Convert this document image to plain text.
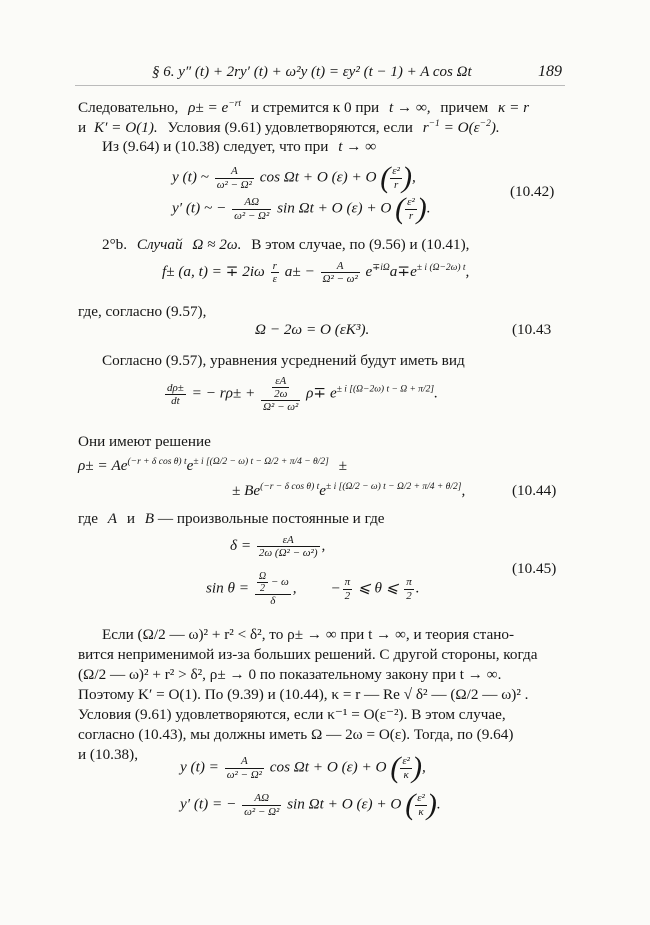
§ 6. y″ (t) + 2ry′ (t) + ω²y (t) = εy² (t − 1) + A cos Ωt	189
Следовательно, $\rho\pm = e^{-rt}$ и стремится к 0 при t → ∞, причем κ = r
и K′ = O(1). Условия (9.61) удовлетворяются, если $r^{-1} = O(\varepsilon^{-2})$.
Из (9.64) и (10.38) следует, что при t → ∞
y (t) ~ $\frac{A}{\text{ω² − Ω²}}$ cos Ωt + O (ε) + O ( $\frac{\text{ε²}}{r}$ ),
y′ (t) ~ − $\frac{A\Omega}{\text{ω² − Ω²}}$ sin Ωt + O (ε) + O ( $\frac{\text{ε²}}{r}$ ).
(10.42)
2°b. Случай Ω ≈ 2ω. В этом случае, по (9.56) и (10.41),
f± (a, t) = ∓ $2i\omega \frac{r}{\varepsilon} a\pm - \frac{A}{\text{Ω² − ω²}} e^{\mp i\Omega}a\mp e^{\pm i (\Omega-2\omega) t}$,
где, согласно (9.57),
Ω − 2ω = O (εK³).	(10.43
Согласно (9.57), уравнения усреднений будут иметь вид
$\frac{d\rho\pm}{dt}$ = − $r\rho\pm + \frac{\frac{\varepsilon A}{2\omega}}{\text{Ω² − ω²}} \rho\mp e^{\pm i [(\Omega-2\omega) t - \Omega + \pi/2]}$.
Они имеют решение
$\rho\pm = Ae^{(-r + \delta cos \theta) t}e^{\pm i [(\Omega/2 - \omega) t - \Omega/2 + \pi/4 - \theta/2]}$ ±
± $Be^{(-r - \delta cos \theta) t}e^{\pm i [(\Omega/2 - \omega) t - \Omega/2 + \pi/4 + \theta/2]}$,	(10.44)
где A и B — произвольные постоянные и где
$\delta = \frac{\varepsilon A}{\text{2ω (Ω² − ω²)}}$ ,
$\sin \theta = \frac{\frac{\Omega}{2} - \omega}{\delta}$ , − $\frac{\pi}{2}$ ⩽ θ ⩽ $\frac{\pi}{2}$ .
(10.45)
Если (Ω/2 — ω)² + r² < δ², то ρ± → ∞ при t → ∞, и теория стано-
вится неприменимой из-за больших решений. С другой стороны, когда
(Ω/2 — ω)² + r² > δ², ρ± → 0 по показательному закону при t → ∞.
Поэтому K′ = O(1). По (9.39) и (10.44), κ = r — Re √ δ² — (Ω/2 — ω)² .
Условия (9.61) удовлетворяются, если κ⁻¹ = O(ε⁻²). В этом случае,
согласно (10.43), мы должны иметь Ω — 2ω = O(ε). Тогда, по (9.64)
и (10.38),
y $(t) = \frac{A}{\text{ω² − Ω²}}$ cos Ωt + O (ε) + O ( $\frac{\text{ε²}}{\kappa}$ ),
y′ (t) = − $\frac{A\Omega}{\text{ω² − Ω²}}$ sin Ωt + O (ε) + O ( $\frac{\text{ε²}}{\kappa}$ ).
